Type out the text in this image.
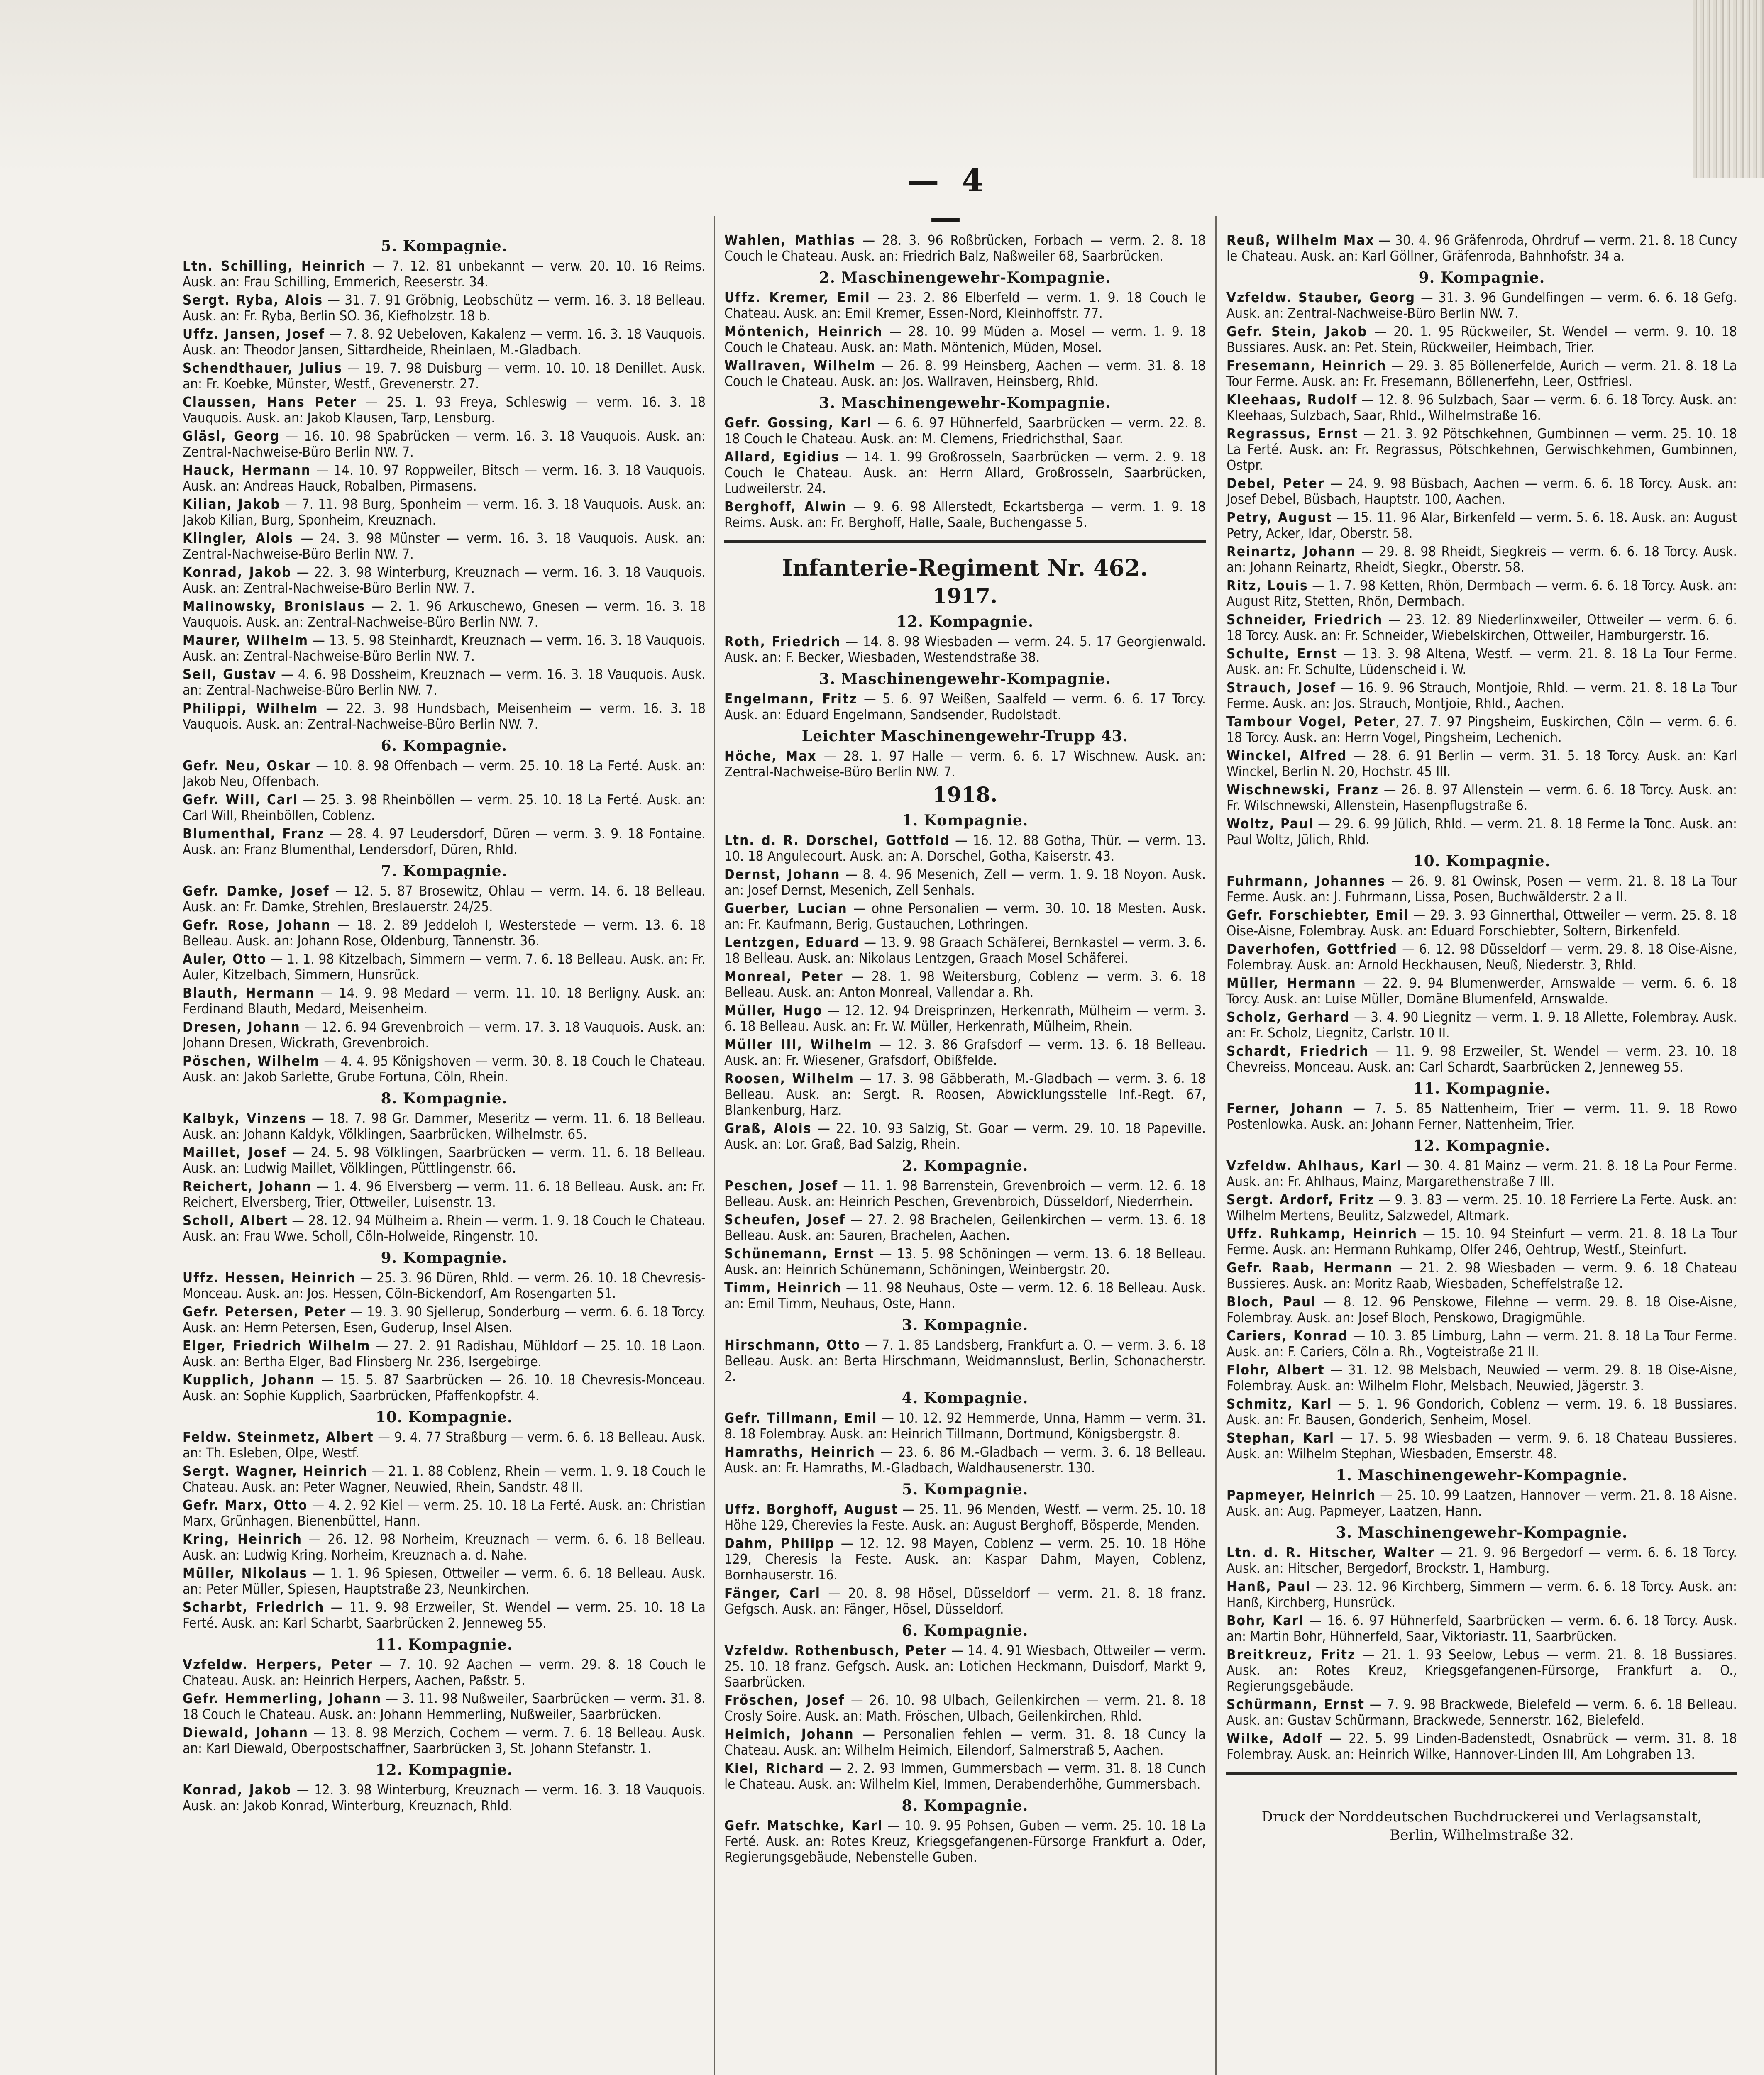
— 4 —
5. Kompagnie.

Ltn. Schilling, Heinrich — 7. 12. 81 unbekannt — verw. 20. 10. 16 Reims. Ausk. an: Frau Schilling, Emmerich, Reeserstr. 34.

Sergt. Ryba, Alois — 31. 7. 91 Gröbnig, Leobschütz — verm. 16. 3. 18 Belleau. Ausk. an: Fr. Ryba, Berlin SO. 36, Kiefholzstr. 18 b.

Uffz. Jansen, Josef — 7. 8. 92 Uebeloven, Kakalenz — verm. 16. 3. 18 Vauquois. Ausk. an: Theodor Jansen, Sittardheide, Rheinlaen, M.-Gladbach.

Schendthauer, Julius — 19. 7. 98 Duisburg — verm. 10. 10. 18 Denillet. Ausk. an: Fr. Koebke, Münster, Westf., Grevenerstr. 27.

Claussen, Hans Peter — 25. 1. 93 Freya, Schleswig — verm. 16. 3. 18 Vauquois. Ausk. an: Jakob Klausen, Tarp, Lensburg.

Gläsl, Georg — 16. 10. 98 Spabrücken — verm. 16. 3. 18 Vauquois. Ausk. an: Zentral-Nachweise-Büro Berlin NW. 7.

Hauck, Hermann — 14. 10. 97 Roppweiler, Bitsch — verm. 16. 3. 18 Vauquois. Ausk. an: Andreas Hauck, Robalben, Pirmasens.

Kilian, Jakob — 7. 11. 98 Burg, Sponheim — verm. 16. 3. 18 Vauquois. Ausk. an: Jakob Kilian, Burg, Sponheim, Kreuznach.

Klingler, Alois — 24. 3. 98 Münster — verm. 16. 3. 18 Vauquois. Ausk. an: Zentral-Nachweise-Büro Berlin NW. 7.

Konrad, Jakob — 22. 3. 98 Winterburg, Kreuznach — verm. 16. 3. 18 Vauquois. Ausk. an: Zentral-Nachweise-Büro Berlin NW. 7.

Malinowsky, Bronislaus — 2. 1. 96 Arkuschewo, Gnesen — verm. 16. 3. 18 Vauquois. Ausk. an: Zentral-Nachweise-Büro Berlin NW. 7.

Maurer, Wilhelm — 13. 5. 98 Steinhardt, Kreuznach — verm. 16. 3. 18 Vauquois. Ausk. an: Zentral-Nachweise-Büro Berlin NW. 7.

Seil, Gustav — 4. 6. 98 Dossheim, Kreuznach — verm. 16. 3. 18 Vauquois. Ausk. an: Zentral-Nachweise-Büro Berlin NW. 7.

Philippi, Wilhelm — 22. 3. 98 Hundsbach, Meisenheim — verm. 16. 3. 18 Vauquois. Ausk. an: Zentral-Nachweise-Büro Berlin NW. 7.

6. Kompagnie.

Gefr. Neu, Oskar — 10. 8. 98 Offenbach — verm. 25. 10. 18 La Ferté. Ausk. an: Jakob Neu, Offenbach.

Gefr. Will, Carl — 25. 3. 98 Rheinböllen — verm. 25. 10. 18 La Ferté. Ausk. an: Carl Will, Rheinböllen, Coblenz.

Blumenthal, Franz — 28. 4. 97 Leudersdorf, Düren — verm. 3. 9. 18 Fontaine. Ausk. an: Franz Blumenthal, Lendersdorf, Düren, Rhld.

7. Kompagnie.

Gefr. Damke, Josef — 12. 5. 87 Brosewitz, Ohlau — verm. 14. 6. 18 Belleau. Ausk. an: Fr. Damke, Strehlen, Breslauerstr. 24/25.

Gefr. Rose, Johann — 18. 2. 89 Jeddeloh I, Westerstede — verm. 13. 6. 18 Belleau. Ausk. an: Johann Rose, Oldenburg, Tannenstr. 36.

Auler, Otto — 1. 1. 98 Kitzelbach, Simmern — verm. 7. 6. 18 Belleau. Ausk. an: Fr. Auler, Kitzelbach, Simmern, Hunsrück.

Blauth, Hermann — 14. 9. 98 Medard — verm. 11. 10. 18 Berligny. Ausk. an: Ferdinand Blauth, Medard, Meisenheim.

Dresen, Johann — 12. 6. 94 Grevenbroich — verm. 17. 3. 18 Vauquois. Ausk. an: Johann Dresen, Wickrath, Grevenbroich.

Pöschen, Wilhelm — 4. 4. 95 Königshoven — verm. 30. 8. 18 Couch le Chateau. Ausk. an: Jakob Sarlette, Grube Fortuna, Cöln, Rhein.

8. Kompagnie.

Kalbyk, Vinzens — 18. 7. 98 Gr. Dammer, Meseritz — verm. 11. 6. 18 Belleau. Ausk. an: Johann Kaldyk, Völklingen, Saarbrücken, Wilhelmstr. 65.

Maillet, Josef — 24. 5. 98 Völklingen, Saarbrücken — verm. 11. 6. 18 Belleau. Ausk. an: Ludwig Maillet, Völklingen, Püttlingenstr. 66.

Reichert, Johann — 1. 4. 96 Elversberg — verm. 11. 6. 18 Belleau. Ausk. an: Fr. Reichert, Elversberg, Trier, Ottweiler, Luisenstr. 13.

Scholl, Albert — 28. 12. 94 Mülheim a. Rhein — verm. 1. 9. 18 Couch le Chateau. Ausk. an: Frau Wwe. Scholl, Cöln-Holweide, Ringenstr. 10.

9. Kompagnie.

Uffz. Hessen, Heinrich — 25. 3. 96 Düren, Rhld. — verm. 26. 10. 18 Chevresis-Monceau. Ausk. an: Jos. Hessen, Cöln-Bickendorf, Am Rosengarten 51.

Gefr. Petersen, Peter — 19. 3. 90 Sjellerup, Sonderburg — verm. 6. 6. 18 Torcy. Ausk. an: Herrn Petersen, Esen, Guderup, Insel Alsen.

Elger, Friedrich Wilhelm — 27. 2. 91 Radishau, Mühldorf — 25. 10. 18 Laon. Ausk. an: Bertha Elger, Bad Flinsberg Nr. 236, Isergebirge.

Kupplich, Johann — 15. 5. 87 Saarbrücken — 26. 10. 18 Chevresis-Monceau. Ausk. an: Sophie Kupplich, Saarbrücken, Pfaffenkopfstr. 4.

10. Kompagnie.

Feldw. Steinmetz, Albert — 9. 4. 77 Straßburg — verm. 6. 6. 18 Belleau. Ausk. an: Th. Esleben, Olpe, Westf.

Sergt. Wagner, Heinrich — 21. 1. 88 Coblenz, Rhein — verm. 1. 9. 18 Couch le Chateau. Ausk. an: Peter Wagner, Neuwied, Rhein, Sandstr. 48 II.

Gefr. Marx, Otto — 4. 2. 92 Kiel — verm. 25. 10. 18 La Ferté. Ausk. an: Christian Marx, Grünhagen, Bienenbüttel, Hann.

Kring, Heinrich — 26. 12. 98 Norheim, Kreuznach — verm. 6. 6. 18 Belleau. Ausk. an: Ludwig Kring, Norheim, Kreuznach a. d. Nahe.

Müller, Nikolaus — 1. 1. 96 Spiesen, Ottweiler — verm. 6. 6. 18 Belleau. Ausk. an: Peter Müller, Spiesen, Hauptstraße 23, Neunkirchen.

Scharbt, Friedrich — 11. 9. 98 Erzweiler, St. Wendel — verm. 25. 10. 18 La Ferté. Ausk. an: Karl Scharbt, Saarbrücken 2, Jenneweg 55.

11. Kompagnie.

Vzfeldw. Herpers, Peter — 7. 10. 92 Aachen — verm. 29. 8. 18 Couch le Chateau. Ausk. an: Heinrich Herpers, Aachen, Paßstr. 5.

Gefr. Hemmerling, Johann — 3. 11. 98 Nußweiler, Saarbrücken — verm. 31. 8. 18 Couch le Chateau. Ausk. an: Johann Hemmerling, Nußweiler, Saarbrücken.

Diewald, Johann — 13. 8. 98 Merzich, Cochem — verm. 7. 6. 18 Belleau. Ausk. an: Karl Diewald, Oberpostschaffner, Saarbrücken 3, St. Johann Stefanstr. 1.

12. Kompagnie.

Konrad, Jakob — 12. 3. 98 Winterburg, Kreuznach — verm. 16. 3. 18 Vauquois. Ausk. an: Jakob Konrad, Winterburg, Kreuznach, Rhld.

Wahlen, Mathias — 28. 3. 96 Roßbrücken, Forbach — verm. 2. 8. 18 Couch le Chateau. Ausk. an: Friedrich Balz, Naßweiler 68, Saarbrücken.

2. Maschinengewehr-Kompagnie.

Uffz. Kremer, Emil — 23. 2. 86 Elberfeld — verm. 1. 9. 18 Couch le Chateau. Ausk. an: Emil Kremer, Essen-Nord, Kleinhoffstr. 77.

Möntenich, Heinrich — 28. 10. 99 Müden a. Mosel — verm. 1. 9. 18 Couch le Chateau. Ausk. an: Math. Möntenich, Müden, Mosel.

Wallraven, Wilhelm — 26. 8. 99 Heinsberg, Aachen — verm. 31. 8. 18 Couch le Chateau. Ausk. an: Jos. Wallraven, Heinsberg, Rhld.

3. Maschinengewehr-Kompagnie.

Gefr. Gossing, Karl — 6. 6. 97 Hühnerfeld, Saarbrücken — verm. 22. 8. 18 Couch le Chateau. Ausk. an: M. Clemens, Friedrichsthal, Saar.

Allard, Egidius — 14. 1. 99 Großrosseln, Saarbrücken — verm. 2. 9. 18 Couch le Chateau. Ausk. an: Herrn Allard, Großrosseln, Saarbrücken, Ludweilerstr. 24.

Berghoff, Alwin — 9. 6. 98 Allerstedt, Eckartsberga — verm. 1. 9. 18 Reims. Ausk. an: Fr. Berghoff, Halle, Saale, Buchengasse 5.

Infanterie-Regiment Nr. 462.
1917.
12. Kompagnie.

Roth, Friedrich — 14. 8. 98 Wiesbaden — verm. 24. 5. 17 Georgienwald. Ausk. an: F. Becker, Wiesbaden, Westendstraße 38.

3. Maschinengewehr-Kompagnie.

Engelmann, Fritz — 5. 6. 97 Weißen, Saalfeld — verm. 6. 6. 17 Torcy. Ausk. an: Eduard Engelmann, Sandsender, Rudolstadt.

Leichter Maschinengewehr-Trupp 43.

Höche, Max — 28. 1. 97 Halle — verm. 6. 6. 17 Wischnew. Ausk. an: Zentral-Nachweise-Büro Berlin NW. 7.

1918.
1. Kompagnie.

Ltn. d. R. Dorschel, Gottfold — 16. 12. 88 Gotha, Thür. — verm. 13. 10. 18 Angulecourt. Ausk. an: A. Dorschel, Gotha, Kaiserstr. 43.

Dernst, Johann — 8. 4. 96 Mesenich, Zell — verm. 1. 9. 18 Noyon. Ausk. an: Josef Dernst, Mesenich, Zell Senhals.

Guerber, Lucian — ohne Personalien — verm. 30. 10. 18 Mesten. Ausk. an: Fr. Kaufmann, Berig, Gustauchen, Lothringen.

Lentzgen, Eduard — 13. 9. 98 Graach Schäferei, Bernkastel — verm. 3. 6. 18 Belleau. Ausk. an: Nikolaus Lentzgen, Graach Mosel Schäferei.

Monreal, Peter — 28. 1. 98 Weitersburg, Coblenz — verm. 3. 6. 18 Belleau. Ausk. an: Anton Monreal, Vallendar a. Rh.

Müller, Hugo — 12. 12. 94 Dreisprinzen, Herkenrath, Mülheim — verm. 3. 6. 18 Belleau. Ausk. an: Fr. W. Müller, Herkenrath, Mülheim, Rhein.

Müller III, Wilhelm — 12. 3. 86 Grafsdorf — verm. 13. 6. 18 Belleau. Ausk. an: Fr. Wiesener, Grafsdorf, Obißfelde.

Roosen, Wilhelm — 17. 3. 98 Gäbberath, M.-Gladbach — verm. 3. 6. 18 Belleau. Ausk. an: Sergt. R. Roosen, Abwicklungsstelle Inf.-Regt. 67, Blankenburg, Harz.

Graß, Alois — 22. 10. 93 Salzig, St. Goar — verm. 29. 10. 18 Papeville. Ausk. an: Lor. Graß, Bad Salzig, Rhein.

2. Kompagnie.

Peschen, Josef — 11. 1. 98 Barrenstein, Grevenbroich — verm. 12. 6. 18 Belleau. Ausk. an: Heinrich Peschen, Grevenbroich, Düsseldorf, Niederrhein.

Scheufen, Josef — 27. 2. 98 Brachelen, Geilenkirchen — verm. 13. 6. 18 Belleau. Ausk. an: Sauren, Brachelen, Aachen.

Schünemann, Ernst — 13. 5. 98 Schöningen — verm. 13. 6. 18 Belleau. Ausk. an: Heinrich Schünemann, Schöningen, Weinbergstr. 20.

Timm, Heinrich — 11. 98 Neuhaus, Oste — verm. 12. 6. 18 Belleau. Ausk. an: Emil Timm, Neuhaus, Oste, Hann.

3. Kompagnie.

Hirschmann, Otto — 7. 1. 85 Landsberg, Frankfurt a. O. — verm. 3. 6. 18 Belleau. Ausk. an: Berta Hirschmann, Weidmannslust, Berlin, Schonacherstr. 2.

4. Kompagnie.

Gefr. Tillmann, Emil — 10. 12. 92 Hemmerde, Unna, Hamm — verm. 31. 8. 18 Folembray. Ausk. an: Heinrich Tillmann, Dortmund, Königsbergstr. 8.

Hamraths, Heinrich — 23. 6. 86 M.-Gladbach — verm. 3. 6. 18 Belleau. Ausk. an: Fr. Hamraths, M.-Gladbach, Waldhausenerstr. 130.

5. Kompagnie.

Uffz. Borghoff, August — 25. 11. 96 Menden, Westf. — verm. 25. 10. 18 Höhe 129, Cherevies la Feste. Ausk. an: August Berghoff, Bösperde, Menden.

Dahm, Philipp — 12. 12. 98 Mayen, Coblenz — verm. 25. 10. 18 Höhe 129, Cheresis la Feste. Ausk. an: Kaspar Dahm, Mayen, Coblenz, Bornhauserstr. 16.

Fänger, Carl — 20. 8. 98 Hösel, Düsseldorf — verm. 21. 8. 18 franz. Gefgsch. Ausk. an: Fänger, Hösel, Düsseldorf.

6. Kompagnie.

Vzfeldw. Rothenbusch, Peter — 14. 4. 91 Wiesbach, Ottweiler — verm. 25. 10. 18 franz. Gefgsch. Ausk. an: Lotichen Heckmann, Duisdorf, Markt 9, Saarbrücken.

Fröschen, Josef — 26. 10. 98 Ulbach, Geilenkirchen — verm. 21. 8. 18 Crosly Soire. Ausk. an: Math. Fröschen, Ulbach, Geilenkirchen, Rhld.

Heimich, Johann — Personalien fehlen — verm. 31. 8. 18 Cuncy la Chateau. Ausk. an: Wilhelm Heimich, Eilendorf, Salmerstraß 5, Aachen.

Kiel, Richard — 2. 2. 93 Immen, Gummersbach — verm. 31. 8. 18 Cunch le Chateau. Ausk. an: Wilhelm Kiel, Immen, Derabenderhöhe, Gummersbach.

8. Kompagnie.

Gefr. Matschke, Karl — 10. 9. 95 Pohsen, Guben — verm. 25. 10. 18 La Ferté. Ausk. an: Rotes Kreuz, Kriegsgefangenen-Fürsorge Frankfurt a. Oder, Regierungsgebäude, Nebenstelle Guben.

Reuß, Wilhelm Max — 30. 4. 96 Gräfenroda, Ohrdruf — verm. 21. 8. 18 Cuncy le Chateau. Ausk. an: Karl Göllner, Gräfenroda, Bahnhofstr. 34 a.

9. Kompagnie.

Vzfeldw. Stauber, Georg — 31. 3. 96 Gundelfingen — verm. 6. 6. 18 Gefg. Ausk. an: Zentral-Nachweise-Büro Berlin NW. 7.

Gefr. Stein, Jakob — 20. 1. 95 Rückweiler, St. Wendel — verm. 9. 10. 18 Bussiares. Ausk. an: Pet. Stein, Rückweiler, Heimbach, Trier.

Fresemann, Heinrich — 29. 3. 85 Böllenerfelde, Aurich — verm. 21. 8. 18 La Tour Ferme. Ausk. an: Fr. Fresemann, Böllenerfehn, Leer, Ostfriesl.

Kleehaas, Rudolf — 12. 8. 96 Sulzbach, Saar — verm. 6. 6. 18 Torcy. Ausk. an: Kleehaas, Sulzbach, Saar, Rhld., Wilhelmstraße 16.

Regrassus, Ernst — 21. 3. 92 Pötschkehnen, Gumbinnen — verm. 25. 10. 18 La Ferté. Ausk. an: Fr. Regrassus, Pötschkehnen, Gerwischkehmen, Gumbinnen, Ostpr.

Debel, Peter — 24. 9. 98 Büsbach, Aachen — verm. 6. 6. 18 Torcy. Ausk. an: Josef Debel, Büsbach, Hauptstr. 100, Aachen.

Petry, August — 15. 11. 96 Alar, Birkenfeld — verm. 5. 6. 18. Ausk. an: August Petry, Acker, Idar, Oberstr. 58.

Reinartz, Johann — 29. 8. 98 Rheidt, Siegkreis — verm. 6. 6. 18 Torcy. Ausk. an: Johann Reinartz, Rheidt, Siegkr., Oberstr. 58.

Ritz, Louis — 1. 7. 98 Ketten, Rhön, Dermbach — verm. 6. 6. 18 Torcy. Ausk. an: August Ritz, Stetten, Rhön, Dermbach.

Schneider, Friedrich — 23. 12. 89 Niederlinxweiler, Ottweiler — verm. 6. 6. 18 Torcy. Ausk. an: Fr. Schneider, Wiebelskirchen, Ottweiler, Hamburgerstr. 16.

Schulte, Ernst — 13. 3. 98 Altena, Westf. — verm. 21. 8. 18 La Tour Ferme. Ausk. an: Fr. Schulte, Lüdenscheid i. W.

Strauch, Josef — 16. 9. 96 Strauch, Montjoie, Rhld. — verm. 21. 8. 18 La Tour Ferme. Ausk. an: Jos. Strauch, Montjoie, Rhld., Aachen.

Tambour Vogel, Peter, 27. 7. 97 Pingsheim, Euskirchen, Cöln — verm. 6. 6. 18 Torcy. Ausk. an: Herrn Vogel, Pingsheim, Lechenich.

Winckel, Alfred — 28. 6. 91 Berlin — verm. 31. 5. 18 Torcy. Ausk. an: Karl Winckel, Berlin N. 20, Hochstr. 45 III.

Wischnewski, Franz — 26. 8. 97 Allenstein — verm. 6. 6. 18 Torcy. Ausk. an: Fr. Wilschnewski, Allenstein, Hasenpflugstraße 6.

Woltz, Paul — 29. 6. 99 Jülich, Rhld. — verm. 21. 8. 18 Ferme la Tonc. Ausk. an: Paul Woltz, Jülich, Rhld.

10. Kompagnie.

Fuhrmann, Johannes — 26. 9. 81 Owinsk, Posen — verm. 21. 8. 18 La Tour Ferme. Ausk. an: J. Fuhrmann, Lissa, Posen, Buchwälderstr. 2 a II.

Gefr. Forschiebter, Emil — 29. 3. 93 Ginnerthal, Ottweiler — verm. 25. 8. 18 Oise-Aisne, Folembray. Ausk. an: Eduard Forschiebter, Soltern, Birkenfeld.

Daverhofen, Gottfried — 6. 12. 98 Düsseldorf — verm. 29. 8. 18 Oise-Aisne, Folembray. Ausk. an: Arnold Heckhausen, Neuß, Niederstr. 3, Rhld.

Müller, Hermann — 22. 9. 94 Blumenwerder, Arnswalde — verm. 6. 6. 18 Torcy. Ausk. an: Luise Müller, Domäne Blumenfeld, Arnswalde.

Scholz, Gerhard — 3. 4. 90 Liegnitz — verm. 1. 9. 18 Allette, Folembray. Ausk. an: Fr. Scholz, Liegnitz, Carlstr. 10 II.

Schardt, Friedrich — 11. 9. 98 Erzweiler, St. Wendel — verm. 23. 10. 18 Chevreiss, Monceau. Ausk. an: Carl Schardt, Saarbrücken 2, Jenneweg 55.

11. Kompagnie.

Ferner, Johann — 7. 5. 85 Nattenheim, Trier — verm. 11. 9. 18 Rowo Postenlowka. Ausk. an: Johann Ferner, Nattenheim, Trier.

12. Kompagnie.

Vzfeldw. Ahlhaus, Karl — 30. 4. 81 Mainz — verm. 21. 8. 18 La Pour Ferme. Ausk. an: Fr. Ahlhaus, Mainz, Margarethenstraße 7 III.

Sergt. Ardorf, Fritz — 9. 3. 83 — verm. 25. 10. 18 Ferriere La Ferte. Ausk. an: Wilhelm Mertens, Beulitz, Salzwedel, Altmark.

Uffz. Ruhkamp, Heinrich — 15. 10. 94 Steinfurt — verm. 21. 8. 18 La Tour Ferme. Ausk. an: Hermann Ruhkamp, Olfer 246, Oehtrup, Westf., Steinfurt.

Gefr. Raab, Hermann — 21. 2. 98 Wiesbaden — verm. 9. 6. 18 Chateau Bussieres. Ausk. an: Moritz Raab, Wiesbaden, Scheffelstraße 12.

Bloch, Paul — 8. 12. 96 Penskowe, Filehne — verm. 29. 8. 18 Oise-Aisne, Folembray. Ausk. an: Josef Bloch, Penskowo, Dragigmühle.

Cariers, Konrad — 10. 3. 85 Limburg, Lahn — verm. 21. 8. 18 La Tour Ferme. Ausk. an: F. Cariers, Cöln a. Rh., Vogteistraße 21 II.

Flohr, Albert — 31. 12. 98 Melsbach, Neuwied — verm. 29. 8. 18 Oise-Aisne, Folembray. Ausk. an: Wilhelm Flohr, Melsbach, Neuwied, Jägerstr. 3.

Schmitz, Karl — 5. 1. 96 Gondorich, Coblenz — verm. 19. 6. 18 Bussiares. Ausk. an: Fr. Bausen, Gonderich, Senheim, Mosel.

Stephan, Karl — 17. 5. 98 Wiesbaden — verm. 9. 6. 18 Chateau Bussieres. Ausk. an: Wilhelm Stephan, Wiesbaden, Emserstr. 48.

1. Maschinengewehr-Kompagnie.

Papmeyer, Heinrich — 25. 10. 99 Laatzen, Hannover — verm. 21. 8. 18 Aisne. Ausk. an: Aug. Papmeyer, Laatzen, Hann.

3. Maschinengewehr-Kompagnie.

Ltn. d. R. Hitscher, Walter — 21. 9. 96 Bergedorf — verm. 6. 6. 18 Torcy. Ausk. an: Hitscher, Bergedorf, Brockstr. 1, Hamburg.

Hanß, Paul — 23. 12. 96 Kirchberg, Simmern — verm. 6. 6. 18 Torcy. Ausk. an: Hanß, Kirchberg, Hunsrück.

Bohr, Karl — 16. 6. 97 Hühnerfeld, Saarbrücken — verm. 6. 6. 18 Torcy. Ausk. an: Martin Bohr, Hühnerfeld, Saar, Viktoriastr. 11, Saarbrücken.

Breitkreuz, Fritz — 21. 1. 93 Seelow, Lebus — verm. 21. 8. 18 Bussiares. Ausk. an: Rotes Kreuz, Kriegsgefangenen-Fürsorge, Frankfurt a. O., Regierungsgebäude.

Schürmann, Ernst — 7. 9. 98 Brackwede, Bielefeld — verm. 6. 6. 18 Belleau. Ausk. an: Gustav Schürmann, Brackwede, Sennerstr. 162, Bielefeld.

Wilke, Adolf — 22. 5. 99 Linden-Badenstedt, Osnabrück — verm. 31. 8. 18 Folembray. Ausk. an: Heinrich Wilke, Hannover-Linden III, Am Lohgraben 13.

Druck der Norddeutschen Buchdruckerei und Verlagsanstalt,
Berlin, Wilhelmstraße 32.
